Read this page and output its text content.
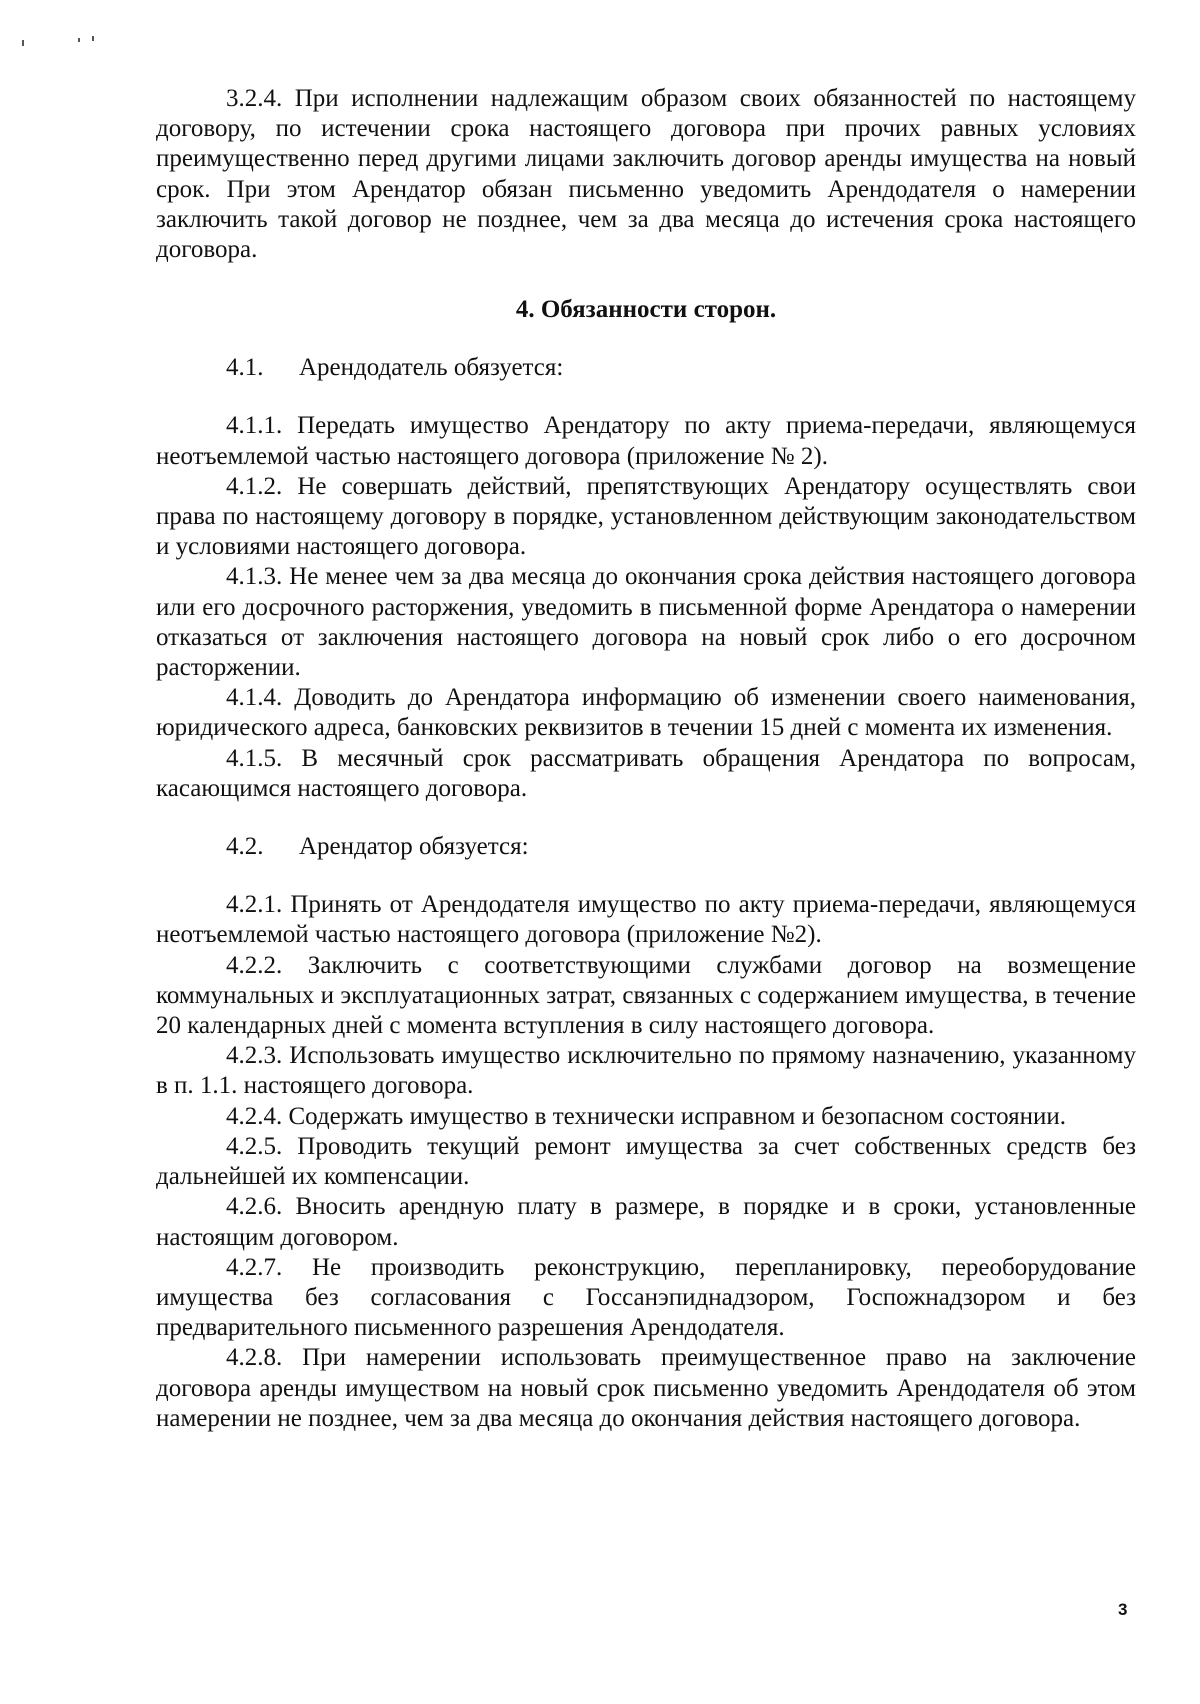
3.2.4. При исполнении надлежащим образом своих обязанностей по настоящему договору, по истечении срока настоящего договора при прочих равных условиях преимущественно перед другими лицами заключить договор аренды имущества на новый срок. При этом Арендатор обязан письменно уведомить Арендодателя о намерении заключить такой договор не позднее, чем за два месяца до истечения срока настоящего договора.

4. Обязанности сторон.

4.1. Арендодатель обязуется:

4.1.1. Передать имущество Арендатору по акту приема-передачи, являющемуся неотъемлемой частью настоящего договора (приложение № 2).

4.1.2. Не совершать действий, препятствующих Арендатору осуществлять свои права по настоящему договору в порядке, установленном действующим законодательством и условиями настоящего договора.

4.1.3. Не менее чем за два месяца до окончания срока действия настоящего договора или его досрочного расторжения, уведомить в письменной форме Арендатора о намерении отказаться от заключения настоящего договора на новый срок либо о его досрочном расторжении.

4.1.4. Доводить до Арендатора информацию об изменении своего наименования, юридического адреса, банковских реквизитов в течении 15 дней с момента их изменения.

4.1.5. В месячный срок рассматривать обращения Арендатора по вопросам, касающимся настоящего договора.

4.2. Арендатор обязуется:

4.2.1. Принять от Арендодателя имущество по акту приема-передачи, являющемуся неотъемлемой частью настоящего договора (приложение №2).

4.2.2. Заключить с соответствующими службами договор на возмещение коммунальных и эксплуатационных затрат, связанных с содержанием имущества, в течение 20 календарных дней с момента вступления в силу настоящего договора.

4.2.3. Использовать имущество исключительно по прямому назначению, указанному в п. 1.1. настоящего договора.

4.2.4. Содержать имущество в технически исправном и безопасном состоянии.

4.2.5. Проводить текущий ремонт имущества за счет собственных средств без дальнейшей их компенсации.

4.2.6. Вносить арендную плату в размере, в порядке и в сроки, установленные настоящим договором.

4.2.7. Не производить реконструкцию, перепланировку, переоборудование имущества без согласования с Госсанэпиднадзором, Госпожнадзором и без предварительного письменного разрешения Арендодателя.

4.2.8. При намерении использовать преимущественное право на заключение договора аренды имуществом на новый срок письменно уведомить Арендодателя об этом намерении не позднее, чем за два месяца до окончания действия настоящего договора.

3
